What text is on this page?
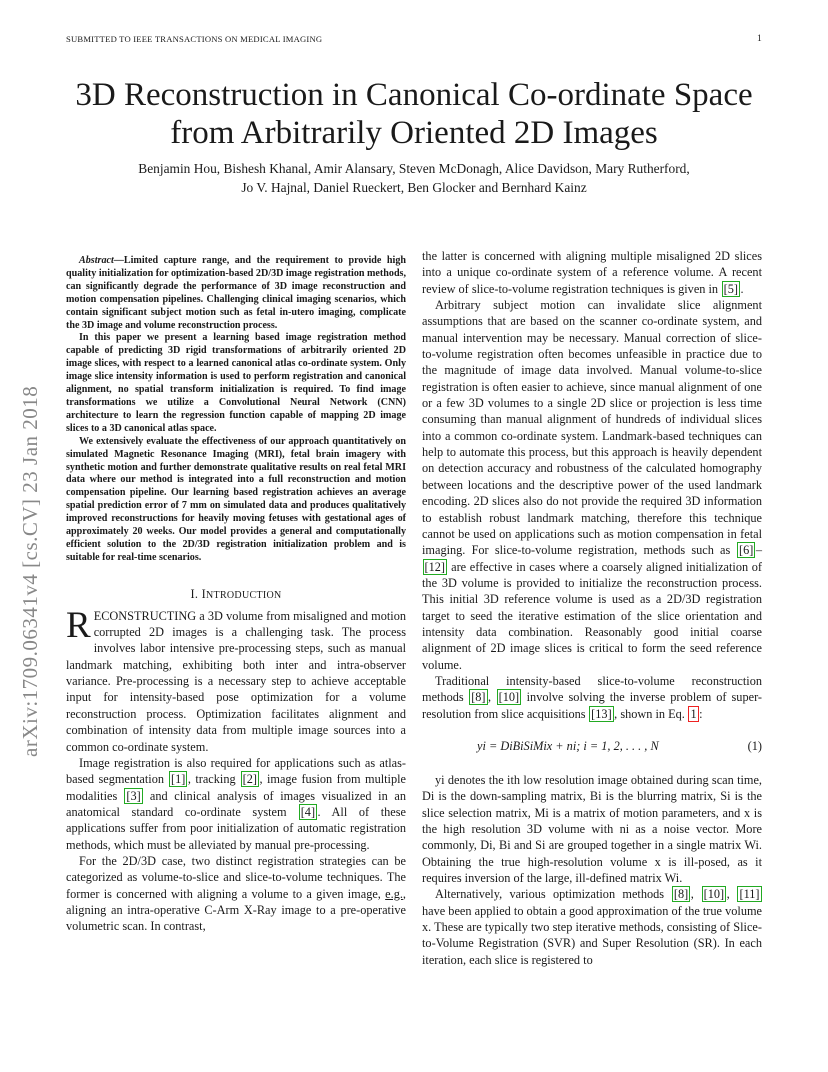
SUBMITTED TO IEEE TRANSACTIONS ON MEDICAL IMAGING	1
arXiv:1709.06341v4 [cs.CV] 23 Jan 2018
3D Reconstruction in Canonical Co-ordinate Space
from Arbitrarily Oriented 2D Images
Benjamin Hou, Bishesh Khanal, Amir Alansary, Steven McDonagh, Alice Davidson, Mary Rutherford,
Jo V. Hajnal, Daniel Rueckert, Ben Glocker and Bernhard Kainz

Abstract—Limited capture range, and the requirement to provide high quality initialization for optimization-based 2D/3D image registration methods, can significantly degrade the performance of 3D image reconstruction and motion compensation pipelines. Challenging clinical imaging scenarios, which contain significant subject motion such as fetal in-utero imaging, complicate the 3D image and volume reconstruction process.

In this paper we present a learning based image registration method capable of predicting 3D rigid transformations of arbitrarily oriented 2D image slices, with respect to a learned canonical atlas co-ordinate system. Only image slice intensity information is used to perform registration and canonical alignment, no spatial transform initialization is required. To find image transformations we utilize a Convolutional Neural Network (CNN) architecture to learn the regression function capable of mapping 2D image slices to a 3D canonical atlas space.

We extensively evaluate the effectiveness of our approach quantitatively on simulated Magnetic Resonance Imaging (MRI), fetal brain imagery with synthetic motion and further demonstrate qualitative results on real fetal MRI data where our method is integrated into a full reconstruction and motion compensation pipeline. Our learning based registration achieves an average spatial prediction error of 7 mm on simulated data and produces qualitatively improved reconstructions for heavily moving fetuses with gestational ages of approximately 20 weeks. Our model provides a general and computationally efficient solution to the 2D/3D registration initialization problem and is suitable for real-time scenarios.

I. INTRODUCTION

RECONSTRUCTING a 3D volume from misaligned and motion corrupted 2D images is a challenging task. The process involves labor intensive pre-processing steps, such as manual landmark matching, exhibiting both inter and intra-observer variance. Pre-processing is a necessary step to achieve acceptable input for intensity-based pose optimization for a volume reconstruction process. Optimization facilitates alignment and combination of intensity data from multiple image sources into a common co-ordinate system.

Image registration is also required for applications such as atlas-based segmentation [1] , tracking [2] , image fusion from multiple modalities [3] and clinical analysis of images visualized in an anatomical standard co-ordinate system [4] . All of these applications suffer from poor initialization of automatic registration methods, which must be alleviated by manual pre-processing.

For the 2D/3D case, two distinct registration strategies can be categorized as volume-to-slice and slice-to-volume techniques. The former is concerned with aligning a volume to a given image, e.g., aligning an intra-operative C-Arm X-Ray image to a pre-operative volumetric scan. In contrast,

the latter is concerned with aligning multiple misaligned 2D slices into a unique co-ordinate system of a reference volume. A recent review of slice-to-volume registration techniques is given in [5] .

Arbitrary subject motion can invalidate slice alignment assumptions that are based on the scanner co-ordinate system, and manual intervention may be necessary. Manual correction of slice-to-volume registration often becomes unfeasible in practice due to the magnitude of image data involved. Manual volume-to-slice registration is often easier to achieve, since manual alignment of one or a few 3D volumes to a single 2D slice or projection is less time consuming than manual alignment of hundreds of individual slices into a common co-ordinate system. Landmark-based techniques can help to automate this process, but this approach is heavily dependent on detection accuracy and robustness of the calculated homography between locations and the descriptive power of the used landmark encoding. 2D slices also do not provide the required 3D information to establish robust landmark matching, therefore this technique cannot be used on applications such as motion compensation in fetal imaging. For slice-to-volume registration, methods such as [6] –[12] are effective in cases where a coarsely aligned initialization of the 3D volume is provided to initialize the reconstruction process. This initial 3D reference volume is used as a 2D/3D registration target to seed the iterative estimation of the slice orientation and intensity data combination. Reasonably good initial coarse alignment of 2D image slices is critical to form the seed reference volume.

Traditional intensity-based slice-to-volume reconstruction methods [8] , [10] involve solving the inverse problem of super-resolution from slice acquisitions [13] , shown in Eq. 1 :

yi = DiBiSiMix + ni; i = 1, 2, . . . , N	(1)

yi denotes the ith low resolution image obtained during scan time, Di is the down-sampling matrix, Bi is the blurring matrix, Si is the slice selection matrix, Mi is a matrix of motion parameters, and x is the high resolution 3D volume with ni as a noise vector. More commonly, Di, Bi and Si are grouped together in a single matrix Wi. Obtaining the true high-resolution volume x is ill-posed, as it requires inversion of the large, ill-defined matrix Wi.

Alternatively, various optimization methods [8] , [10] , [11] have been applied to obtain a good approximation of the true volume x. These are typically two step iterative methods, consisting of Slice-to-Volume Registration (SVR) and Super Resolution (SR). In each iteration, each slice is registered to
